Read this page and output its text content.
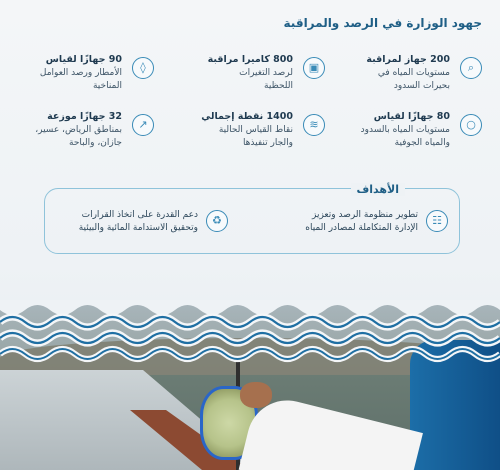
جهود الوزارة في الرصد والمراقبة
⌕
200 جهاز لمراقبة
مستويات المياه في
بحيرات السدود
▣
800 كاميرا مراقبة
لرصد التغيرات
اللحظية
◊
90 جهازًا لقياس
الأمطار ورصد العوامل
المناخية
○
80 جهازًا لقياس
مستويات المياه بالسدود
والمياه الجوفية
≋
1400 نقطة إجمالي
نقاط القياس الحالية
والجار تنفيذها
↗
32 جهازًا موزعة
بمناطق الرياض، عسير،
جازان، والباحة
الأهداف
☷
تطوير منظومة الرصد وتعزيز
الإدارة المتكاملة لمصادر المياه
♻
دعم القدرة على اتخاذ القرارات
وتحقيق الاستدامة المائية والبيئية
